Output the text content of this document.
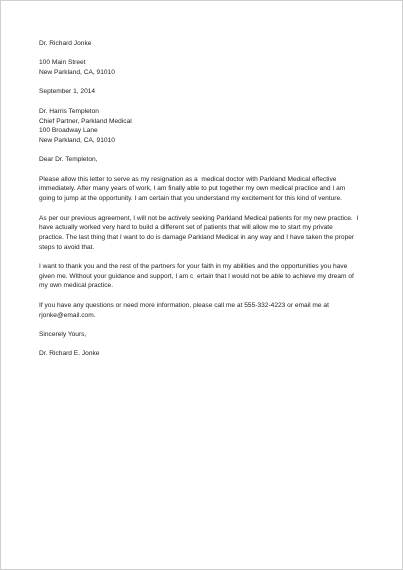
Dr. Richard Jonke
100 Main Street
New Parkland, CA, 91010
September 1, 2014
Dr. Harris Templeton
Chief Partner, Parkland Medical
100 Broadway Lane
New Parkland, CA, 91010
Dear Dr. Templeton,
Please allow this letter to serve as my resignation as a  medical doctor with Parkland Medical effective
immediately. After many years of work, I am finally able to put together my own medical practice and I am
going to jump at the opportunity. I am certain that you understand my excitement for this kind of venture.
As per our previous agreement, I will not be actively seeking Parkland Medical patients for my new practice.  I
have actually worked very hard to build a different set of patients that will allow me to start my private
practice. The last thing that I want to do is damage Parkland Medical in any way and I have taken the proper
steps to avoid that.
I want to thank you and the rest of the partners for your faith in my abilities and the opportunities you have
given me. Without your guidance and support, I am c  ertain that I would not be able to achieve my dream of
my own medical practice.
If you have any questions or need more information, please call me at 555-332-4223 or email me at
rjonke@email.com.
Sincerely Yours,
Dr. Richard E. Jonke
